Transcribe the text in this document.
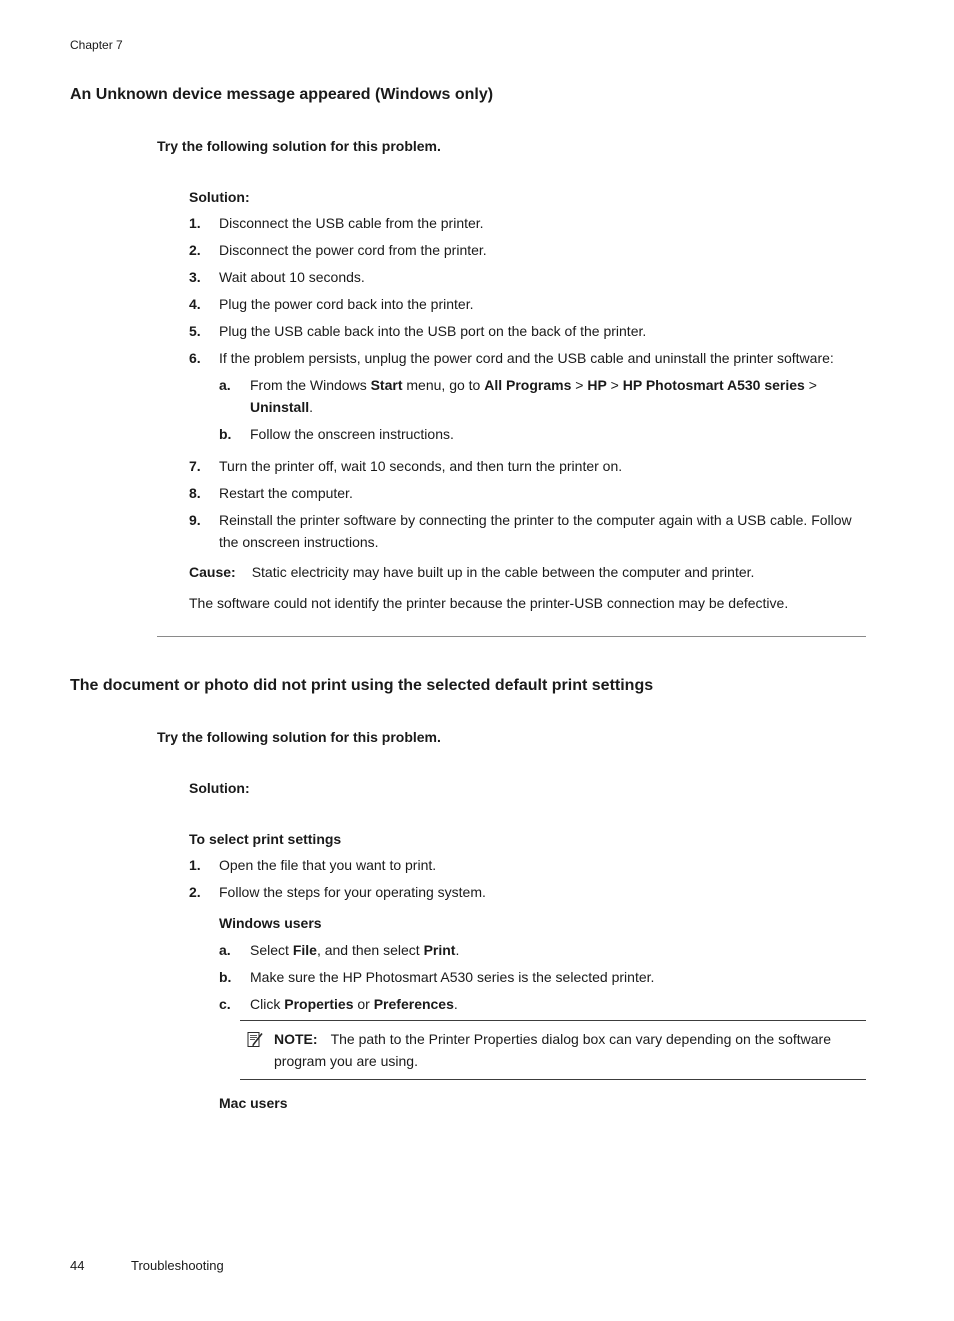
Chapter 7
An Unknown device message appeared (Windows only)
Try the following solution for this problem.
Solution:
1.	Disconnect the USB cable from the printer.
2.	Disconnect the power cord from the printer.
3.	Wait about 10 seconds.
4.	Plug the power cord back into the printer.
5.	Plug the USB cable back into the USB port on the back of the printer.
6.	If the problem persists, unplug the power cord and the USB cable and uninstall the printer software:
a.	From the Windows Start menu, go to All Programs > HP > HP Photosmart A530 series > Uninstall.
b.	Follow the onscreen instructions.
7.	Turn the printer off, wait 10 seconds, and then turn the printer on.
8.	Restart the computer.
9.	Reinstall the printer software by connecting the printer to the computer again with a USB cable. Follow the onscreen instructions.
Cause: Static electricity may have built up in the cable between the computer and printer.
The software could not identify the printer because the printer-USB connection may be defective.
The document or photo did not print using the selected default print settings
Try the following solution for this problem.
Solution:
To select print settings
1.	Open the file that you want to print.
2.	Follow the steps for your operating system.
Windows users
a.	Select File, and then select Print.
b.	Make sure the HP Photosmart A530 series is the selected printer.
c.	Click Properties or Preferences.
NOTE: The path to the Printer Properties dialog box can vary depending on the software program you are using.
Mac users
44	Troubleshooting
